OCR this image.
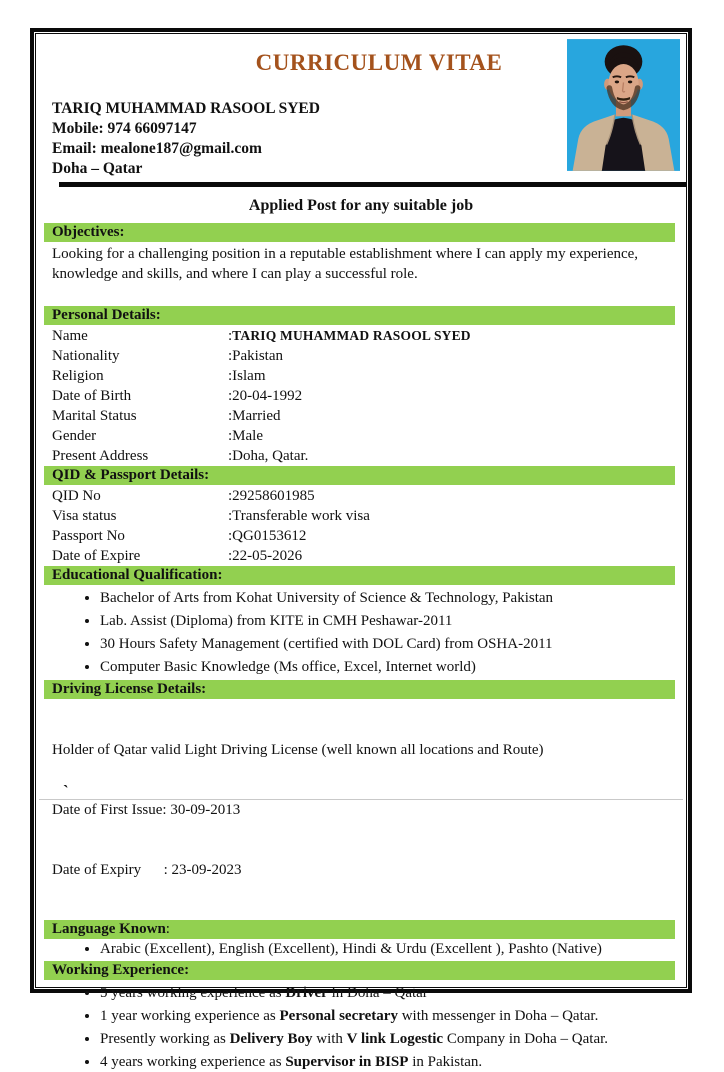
CURRICULUM VITAE
TARIQ MUHAMMAD RASOOL SYED
Mobile: 974 66097147
Email: mealone187@gmail.com
Doha – Qatar
Applied Post for any suitable job
Objectives:
Looking for a challenging position in a reputable establishment where I can apply my experience, knowledge and skills, and where I can play a successful role.
Personal Details:
Name	: TARIQ MUHAMMAD RASOOL SYED
Nationality	: Pakistan
Religion	: Islam
Date of Birth	: 20-04-1992
Marital Status	: Married
Gender	: Male
Present Address	: Doha, Qatar.
QID & Passport Details:
QID No	: 29258601985
Visa status	: Transferable work visa
Passport No	: QG0153612
Date of Expire	: 22-05-2026
Educational Qualification:
• Bachelor of Arts from Kohat University of Science & Technology, Pakistan
• Lab. Assist (Diploma) from KITE in CMH Peshawar-2011
• 30 Hours Safety Management (certified with DOL Card) from OSHA-2011
• Computer Basic Knowledge (Ms office, Excel, Internet world)
Driving License Details:

Holder of Qatar valid Light Driving License (well known all locations and Route)

Date of First Issue: 30-09-2013

Date of Expiry      : 23-09-2023

Language Known:
• Arabic (Excellent), English (Excellent), Hindi & Urdu (Excellent ), Pashto (Native)
Working Experience:
• 5 years working experience as Driver in Doha – Qatar
• 1 year working experience as Personal secretary with messenger in Doha – Qatar.
• Presently working as Delivery Boy with V link Logestic Company in Doha – Qatar.
• 4 years working experience as Supervisor in BISP in Pakistan.
`
